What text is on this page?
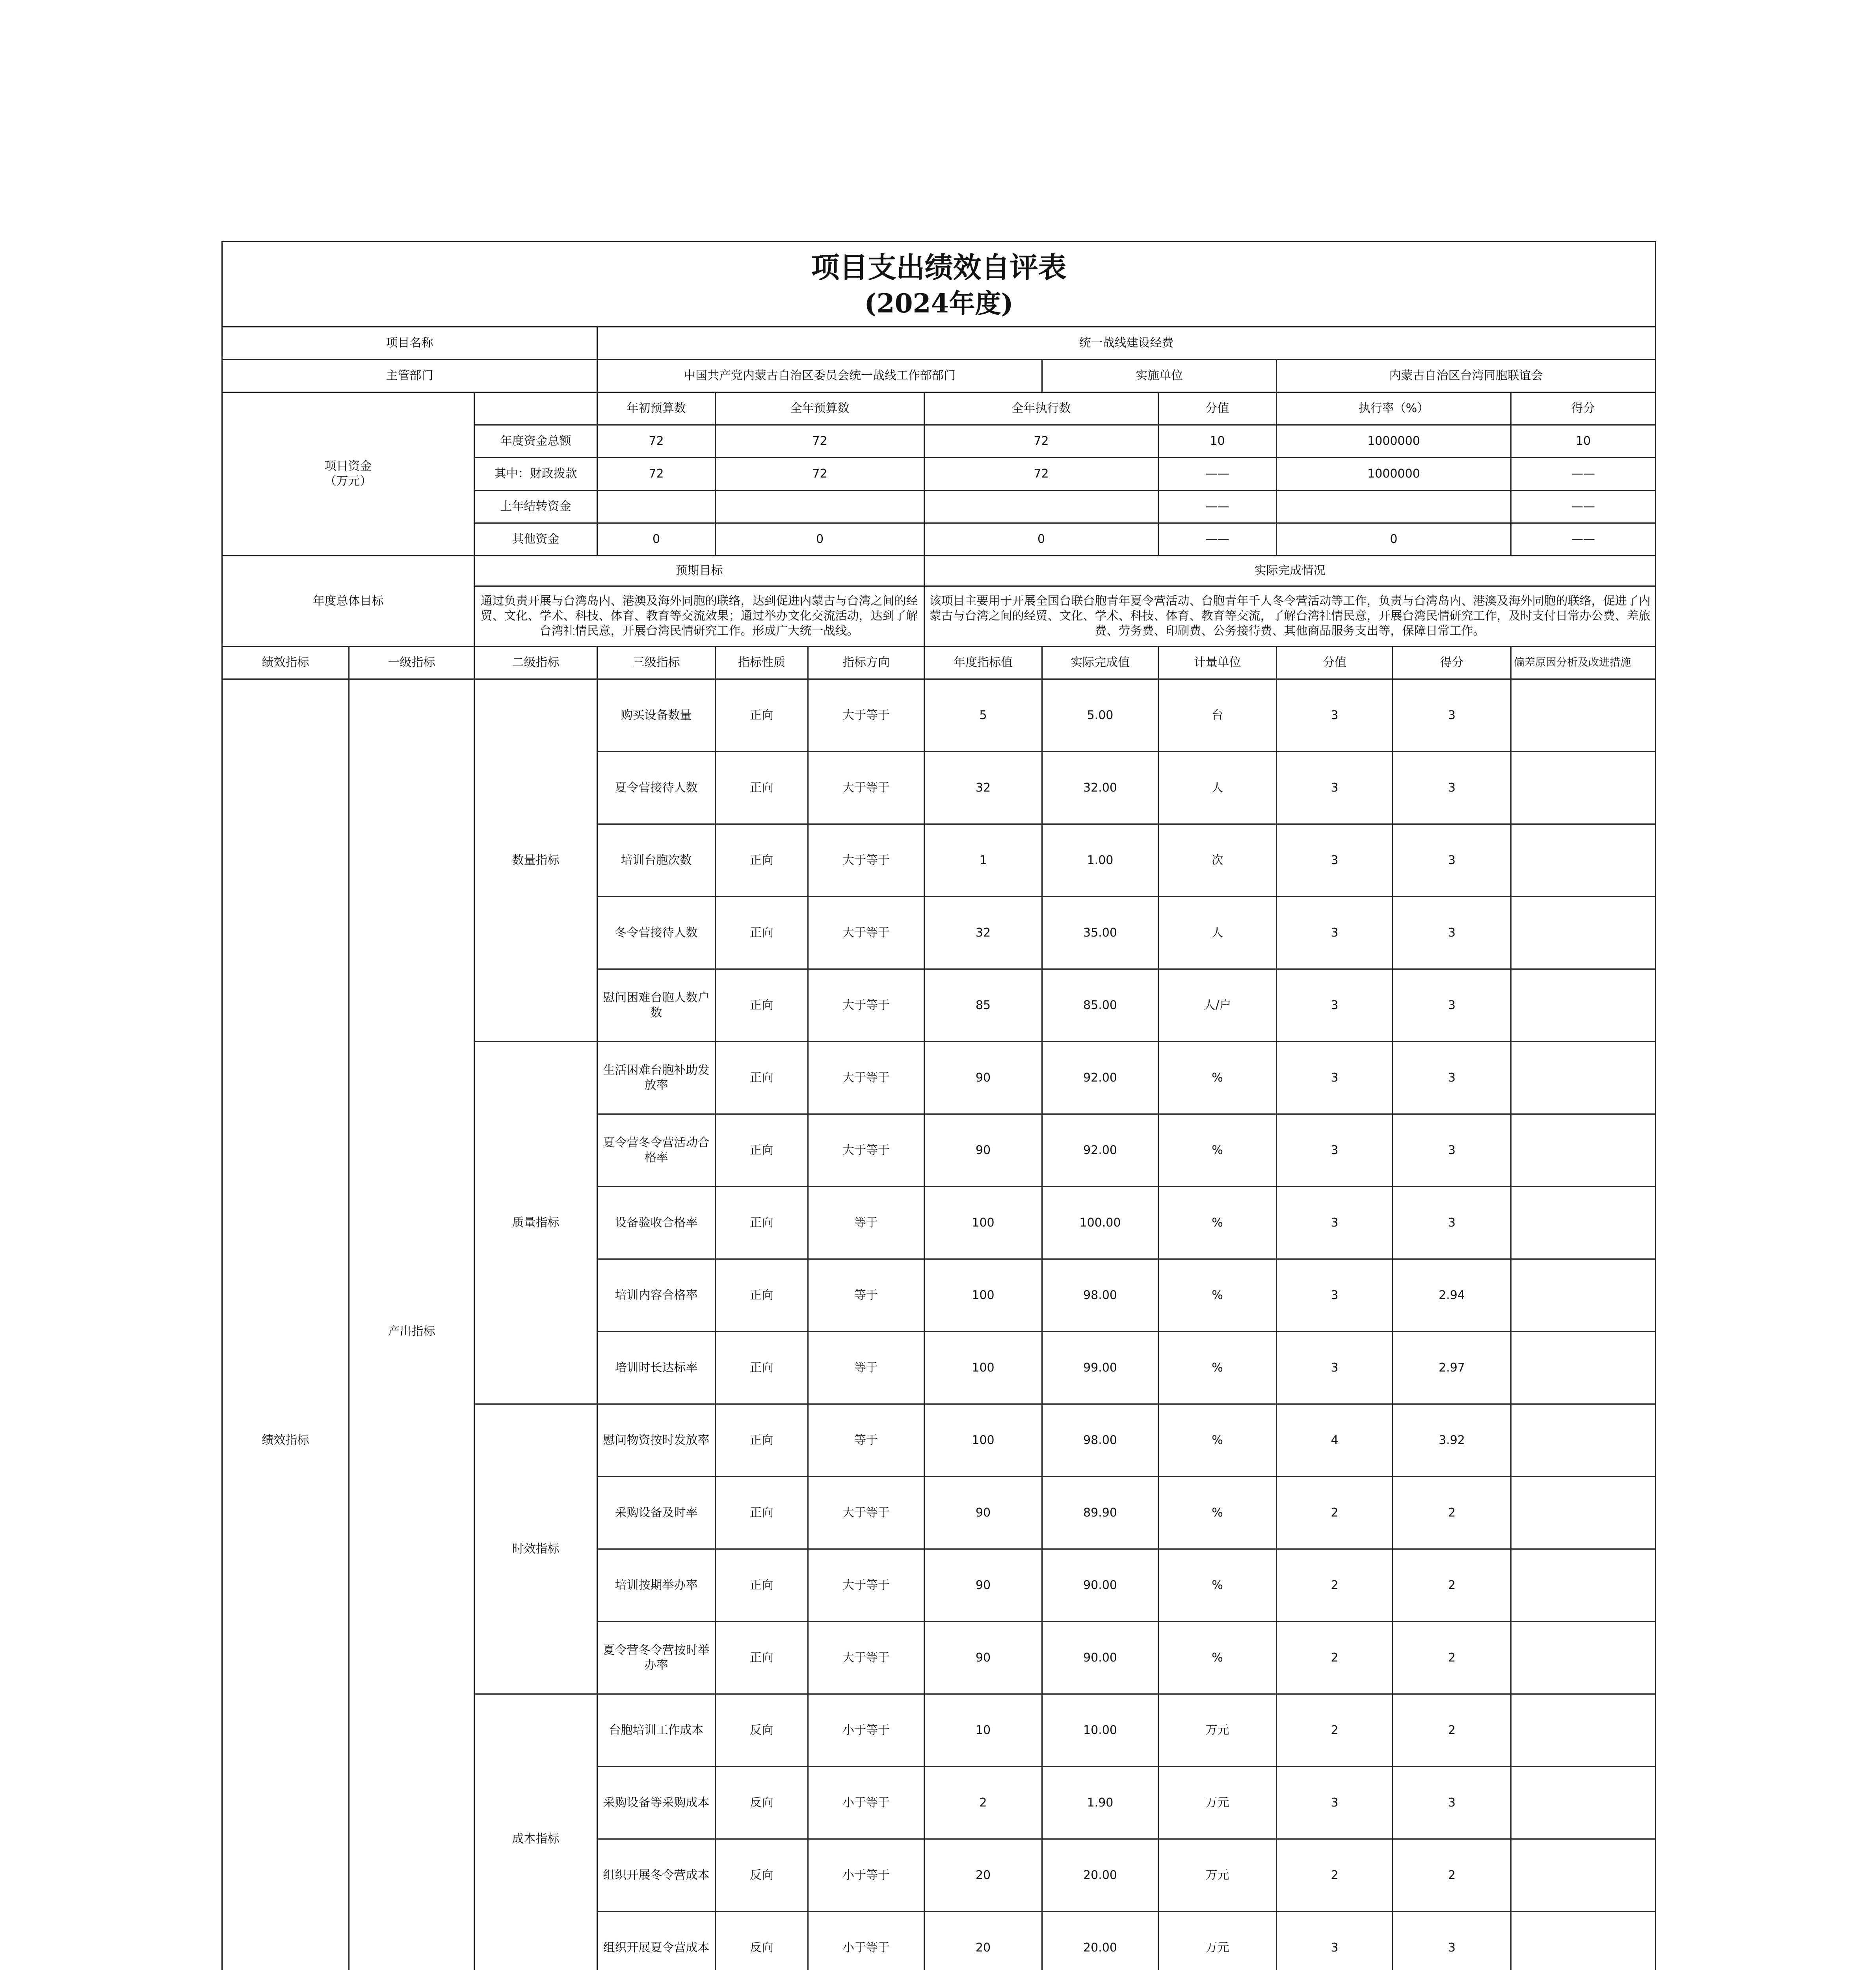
项目支出绩效自评表
(2024年度)											

项目名称			统一战线建设经费								
主管部门			中国共产党内蒙古自治区委员会统一战线工作部部门				实施单位		内蒙古自治区台湾同胞联谊会		
项目资金
（万元）			年初预算数	全年预算数		全年执行数		分值	执行率（%）		得分
		年度资金总额	72	72		72		10	1000000		10
		其中：财政拨款	72	72		72		——	1000000		——
		上年结转资金						——			——
		其他资金	0	0		0		——	0		——
年度总体目标		预期目标				实际完成情况					
		通过负责开展与台湾岛内、港澳及海外同胞的联络，达到促进内蒙古与台湾之间的经贸、文化、学术、科技、体育、教育等交流效果；通过举办文化交流活动，达到了解台湾社情民意，开展台湾民情研究工作。形成广大统一战线。				该项目主要用于开展全国台联台胞青年夏令营活动、台胞青年千人冬令营活动等工作，负责与台湾岛内、港澳及海外同胞的联络，促进了内蒙古与台湾之间的经贸、文化、学术、科技、体育、教育等交流，了解台湾社情民意，开展台湾民情研究工作，及时支付日常办公费、差旅费、劳务费、印刷费、公务接待费、其他商品服务支出等，保障日常工作。					
绩效指标	一级指标	二级指标	三级指标	指标性质	指标方向	年度指标值	实际完成值	计量单位	分值	得分	偏差原因分析及改进措施
绩效指标	产出指标	数量指标	购买设备数量	正向	大于等于	5	5.00	台	3	3	
			夏令营接待人数	正向	大于等于	32	32.00	人	3	3	
			培训台胞次数	正向	大于等于	1	1.00	次	3	3	
			冬令营接待人数	正向	大于等于	32	35.00	人	3	3	
			慰问困难台胞人数户数	正向	大于等于	85	85.00	人/户	3	3	
		质量指标	生活困难台胞补助发放率	正向	大于等于	90	92.00	%	3	3	
			夏令营冬令营活动合格率	正向	大于等于	90	92.00	%	3	3	
			设备验收合格率	正向	等于	100	100.00	%	3	3	
			培训内容合格率	正向	等于	100	98.00	%	3	2.94	
			培训时长达标率	正向	等于	100	99.00	%	3	2.97	
		时效指标	慰问物资按时发放率	正向	等于	100	98.00	%	4	3.92	
			采购设备及时率	正向	大于等于	90	89.90	%	2	2	
			培训按期举办率	正向	大于等于	90	90.00	%	2	2	
			夏令营冬令营按时举办率	正向	大于等于	90	90.00	%	2	2	
		成本指标	台胞培训工作成本	反向	小于等于	10	10.00	万元	2	2	
			采购设备等采购成本	反向	小于等于	2	1.90	万元	3	3	
			组织开展冬令营成本	反向	小于等于	20	20.00	万元	2	2	
			组织开展夏令营成本	反向	小于等于	20	20.00	万元	3	3	
